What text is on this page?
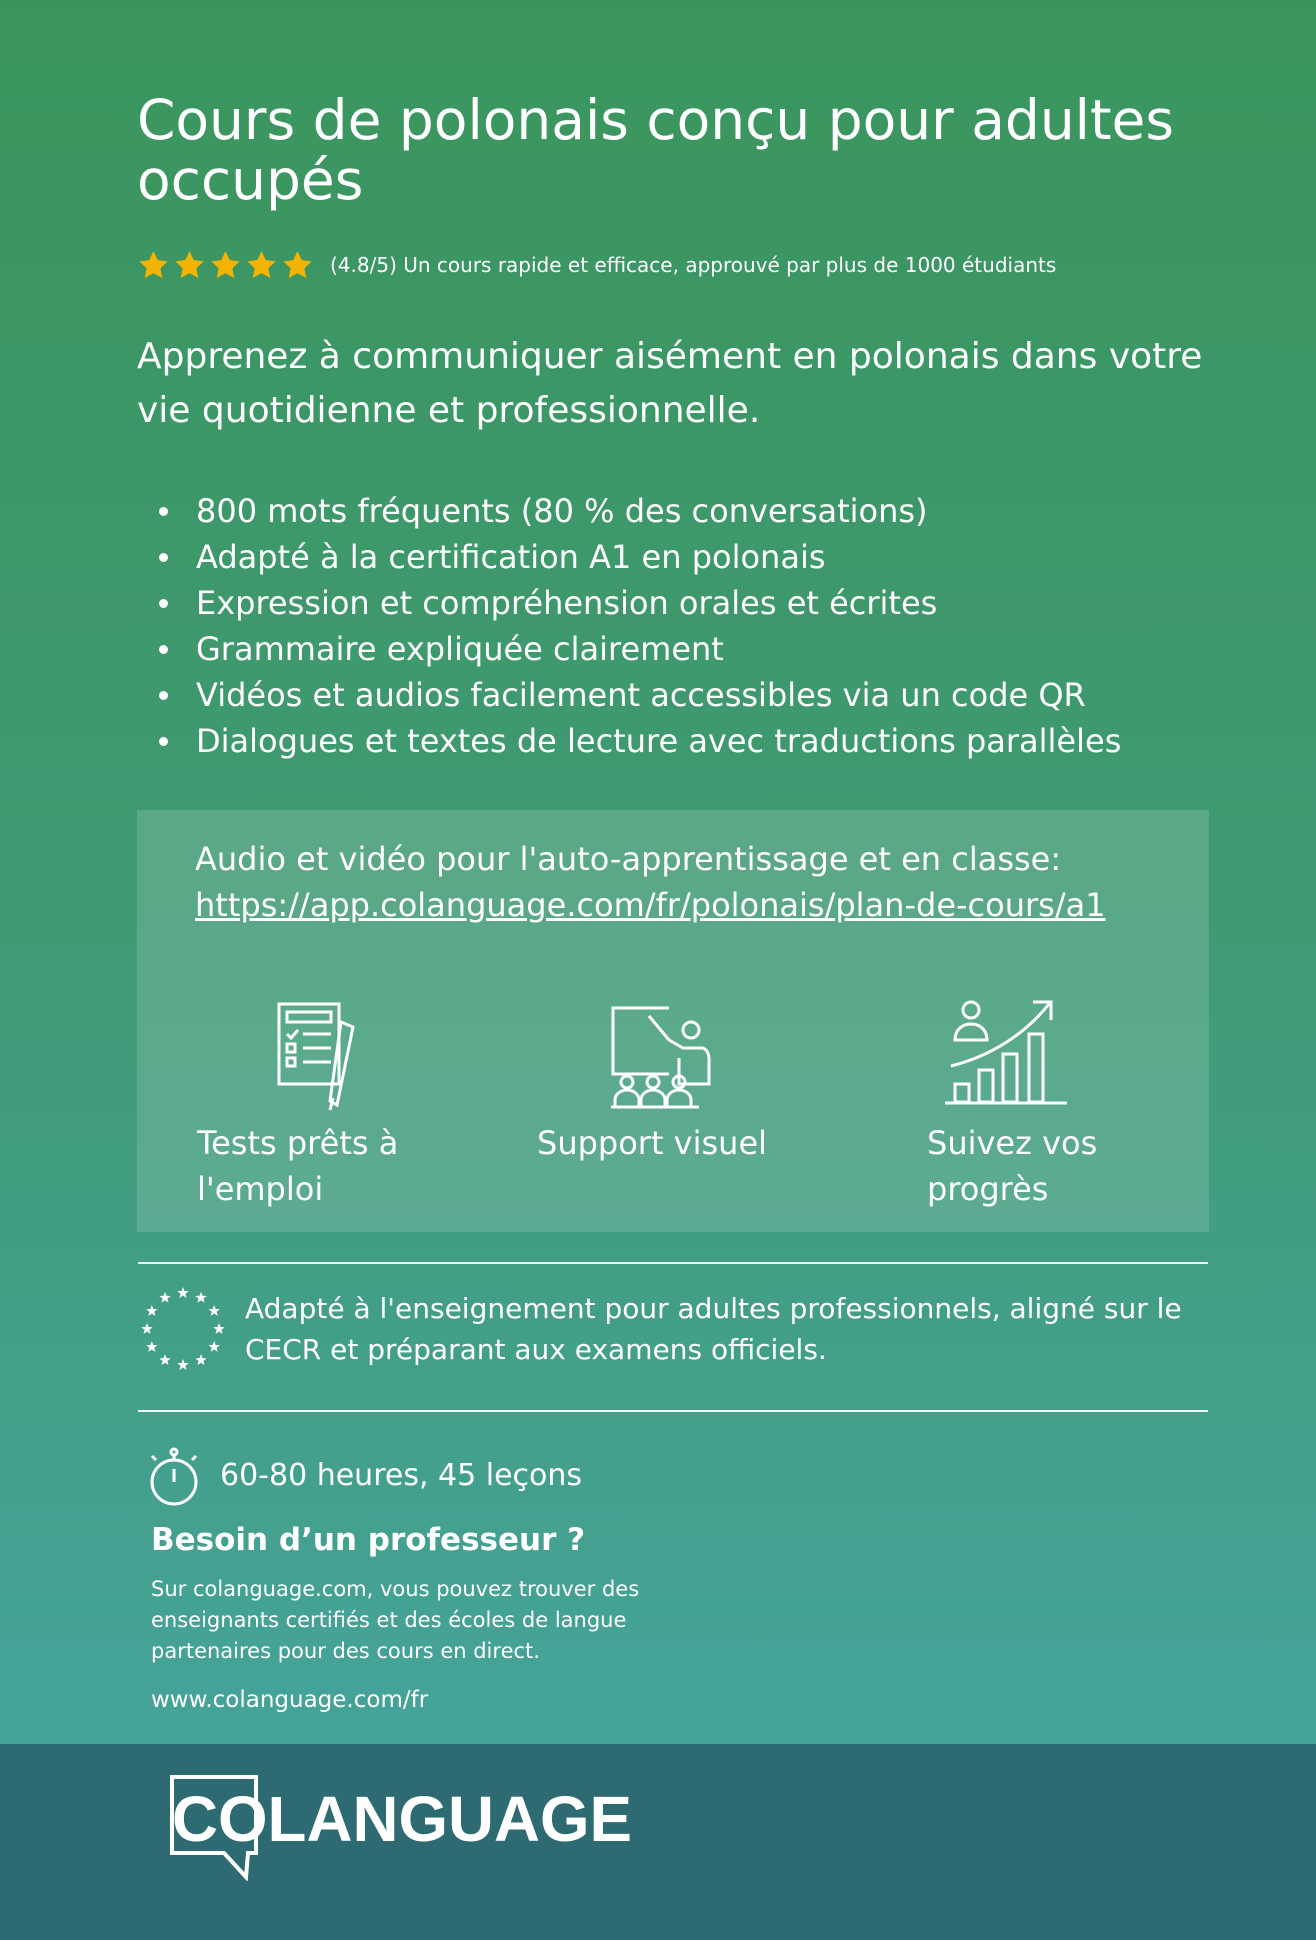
Cours de polonais conçu pour adultes occupés
(4.8/5) Un cours rapide et efficace, approuvé par plus de 1000 étudiants

Apprenez à communiquer aisément en polonais dans votre vie quotidienne et professionnelle.

800 mots fréquents (80 % des conversations)
Adapté à la certification A1 en polonais
Expression et compréhension orales et écrites
Grammaire expliquée clairement
Vidéos et audios facilement accessibles via un code QR
Dialogues et textes de lecture avec traductions parallèles
Audio et vidéo pour l'auto-apprentissage et en classe:
https://app.colanguage.com/fr/polonais/plan-de-cours/a1
Tests prêts à l'emploi
Support visuel	Suivez vos progrès

Adapté à l'enseignement pour adultes professionnels, aligné sur le CECR et préparant aux examens officiels.

60-80 heures, 45 leçons
Besoin d’un professeur ?

Sur colanguage.com, vous pouvez trouver des enseignants certifiés et des écoles de langue partenaires pour des cours en direct.

www.colanguage.com/fr
COLANGUAGE
